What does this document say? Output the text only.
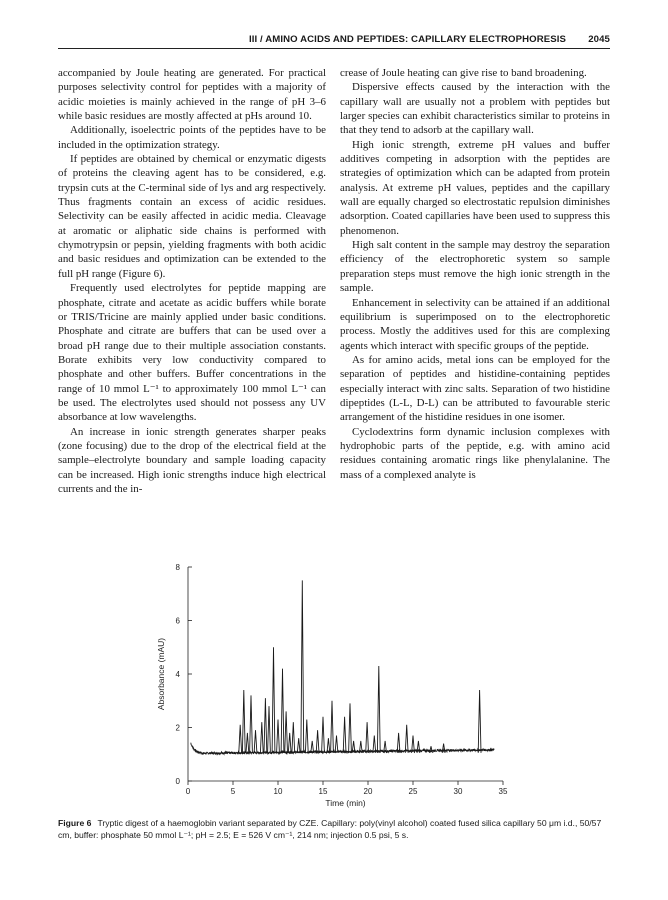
III / AMINO ACIDS AND PEPTIDES: CAPILLARY ELECTROPHORESIS 2045

accompanied by Joule heating are generated. For practical purposes selectivity control for peptides with a majority of acidic moieties is mainly achieved in the range of pH 3–6 while basic residues are mostly affected at pHs around 10.

Additionally, isoelectric points of the peptides have to be included in the optimization strategy.

If peptides are obtained by chemical or enzymatic digests of proteins the cleaving agent has to be considered, e.g. trypsin cuts at the C-terminal side of lys and arg respectively. Thus fragments contain an excess of acidic residues. Selectivity can be easily affected in acidic media. Cleavage at aromatic or aliphatic side chains is performed with chymotrypsin or pepsin, yielding fragments with both acidic and basic residues and optimization can be extended to the full pH range (Figure 6).

Frequently used electrolytes for peptide mapping are phosphate, citrate and acetate as acidic buffers while borate or TRIS/Tricine are mainly applied under basic conditions. Phosphate and citrate are buffers that can be used over a broad pH range due to their multiple association constants. Borate exhibits very low conductivity compared to phosphate and other buffers. Buffer concentrations in the range of 10 mmol L⁻¹ to approximately 100 mmol L⁻¹ can be used. The electrolytes used should not possess any UV absorbance at low wavelengths.

An increase in ionic strength generates sharper peaks (zone focusing) due to the drop of the electrical field at the sample–electrolyte boundary and sample loading capacity can be increased. High ionic strengths induce high electrical currents and the in-

crease of Joule heating can give rise to band broadening.

Dispersive effects caused by the interaction with the capillary wall are usually not a problem with peptides but larger species can exhibit characteristics similar to proteins in that they tend to adsorb at the capillary wall.

High ionic strength, extreme pH values and buffer additives competing in adsorption with the peptides are strategies of optimization which can be adapted from protein analysis. At extreme pH values, peptides and the capillary wall are equally charged so electrostatic repulsion diminishes adsorption. Coated capillaries have been used to suppress this phenomenon.

High salt content in the sample may destroy the separation efficiency of the electrophoretic system so sample preparation steps must remove the high ionic strength in the sample.

Enhancement in selectivity can be attained if an additional equilibrium is superimposed on to the electrophoretic process. Mostly the additives used for this are complexing agents which interact with specific groups of the peptide.

As for amino acids, metal ions can be employed for the separation of peptides and histidine-containing peptides especially interact with zinc salts. Separation of two histidine dipeptides (L-L, D-L) can be attributed to favourable steric arrangement of the histidine residues in one isomer.

Cyclodextrins form dynamic inclusion complexes with hydrophobic parts of the peptide, e.g. with amino acid residues containing aromatic rings like phenylalanine. The mass of a complexed analyte is

0
2
4
6
8
0	5	10	15	20	25	30	35
Time (min)
Absorbance (mAU)
Figure 6 Tryptic digest of a haemoglobin variant separated by CZE. Capillary: poly(vinyl alcohol) coated fused silica capillary 50 μm i.d., 50/57 cm, buffer: phosphate 50 mmol L⁻¹; pH = 2.5; E = 526 V cm⁻¹, 214 nm; injection 0.5 psi, 5 s.
